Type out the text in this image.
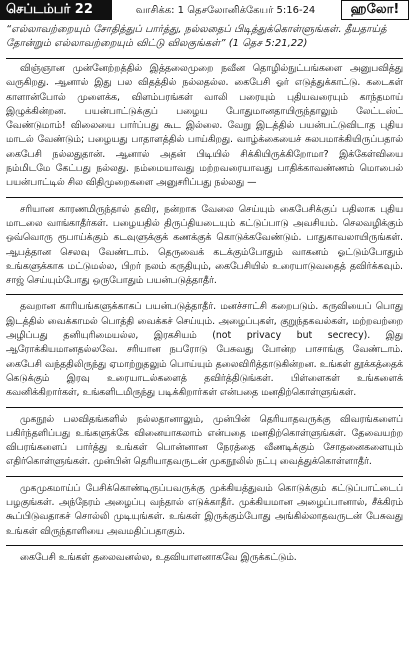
செப்டம்பர் 22	வாசிக்க: 1 தெசலோனிக்கேயர் 5:16-24	ஹலோ!
“எல்லாவற்றையும் சோதித்துப் பார்த்து, நல்லதைப் பிடித்துக்கொள்ளுங்கள். தீயதாய்த் தோன்றும் எல்லாவற்றையும் விட்டு விலகுங்கள்” (1 தெச 5:21,22)

விஞ்ஞான முன்னேற்றத்தில் இத்தலைமுறை நவீன தொழில்நுட்பங்களை அனுபவித்து வருகிறது. ஆனால் இது பல விதத்தில் நல்லதல்ல. கைபேசி ஓர் எடுத்துக்காட்டு. கடைகள் காளான்போல் முளைக்க, விளம்பரங்கள் வாலி பரையும் புதியவரையும் காந்தமாய் இழுக்கின்றன. பயன்பாட்டுக்குப் பழைய போதுமானதாயிருந்தாலும் லேட்டஸ்ட் வேண்டுமாம்! விலையை பார்ப்பது கூட இல்லை. வேறு இடத்தில் பயன்பட்டுவிடாத புதிய மாடல் வேண்டும்; பழையது பாதாளத்தில் பாய்கிறது. வாழ்க்கையைச் சுலபமாக்கியிருப்பதால் கைபேசி நல்லதுதான். ஆனால் அதன் பிடியில் சிக்கியிருக்கிறோமா? இக்கேள்வியை நம்மிடமே கேட்பது நல்லது. நம்மையாவது மற்றவரையாவது பாதிக்காவண்ணம் மொபைல் பயன்பாட்டில் சில விதிமுறைகளை அனுசரிப்பது நல்லது —

சரியான காரணமிருந்தால் தவிர, நன்றாக வேலை செய்யும் கைபேசிக்குப் பதிலாக புதிய மாடலை வாங்காதீர்கள். பழையதில் திருப்தியடையும் கட்டுப்பாடு அவசியம். செலவழிக்கும் ஒவ்வொரு ரூபாய்க்கும் கடவுளுக்குக் கணக்குக் கொடுக்கவேண்டும். பாதுகாவலாயிருங்கள். ஆபத்தான செலவு வேண்டாம். தெருவைக் கடக்கும்போதும் வாகனம் ஓட்டும்போதும் உங்களுக்காக மட்டுமல்ல, பிறர் நலம் கருதியும், கைபேசியில் உரையாடுவதைத் தவிர்க்கவும். சாஜ் செய்யும்போது ஒருபோதும் பயன்படுத்தாதீர்.

தவறான காரியங்களுக்காகப் பயன்படுத்தாதீர். மனச்சாட்சி கறைபடும். கருவியைப் பொது இடத்தில் வைக்காமல் பொத்தி வைக்கச் செய்யும். அழைப்புகள், குறுந்தகவல்கள், மற்றவற்றை அழிப்பது தனியுரிமையல்ல, இரகசியம் (not privacy but secrecy). இது ஆரோக்கியமானதல்லவே. சரியான நபரோடு பேசுவது போன்ற பாசாங்கு வேண்டாம். கைபேசி வந்ததிலிருந்து ஏமாற்றுதலும் பொய்யும் தலைவிரித்தாடுகின்றன. உங்கள் தூக்கத்தைக் கெடுக்கும் இரவு உரையாடல்களைத் தவிர்த்திடுங்கள். பிள்ளைகள் உங்களைக் கவனிக்கிறார்கள், உங்களிடமிருந்து படிக்கிறார்கள் என்பதை மனதிற்கொள்ளுங்கள்.

முகநூல் பலவிதங்களில் நல்லதானாலும், முன்பின் தெரியாதவருக்கு விவரங்களைப் பகிர்ந்தளிப்பது உங்களுக்கே வினையாகலாம் என்பதை மனதிற்கொள்ளுங்கள். தேவையற்ற விபரங்களைப் பார்த்து உங்கள் பொன்னான நேரத்தை வீணடிக்கும் சோதனைகளையும் எதிர்கொள்ளுங்கள். முன்பின் தெரியாதவருடன் முகநூலில் நட்பு வைத்துக்கொள்ளாதீர்.

முகமுகமாய்ப் பேசிக்கொண்டிருப்பவருக்கு முக்கியத்துவம் கொடுக்கும் கட்டுப்பாட்டைப் பழகுங்கள். அந்நேரம் அழைப்பு வந்தால் எடுக்காதீர். முக்கியமான அழைப்பானால், சீக்கிரம் கூப்பிடுவதாகச் சொல்லி முடியுங்கள். உங்கள் இருக்கும்போது அங்கில்லாதவருடன் பேசுவது உங்கள் விருந்தாளியை அவமதிப்பதாகும்.

கைபேசி உங்கள் தலைவனல்ல, உதவியாளனாகவே இருக்கட்டும்.
